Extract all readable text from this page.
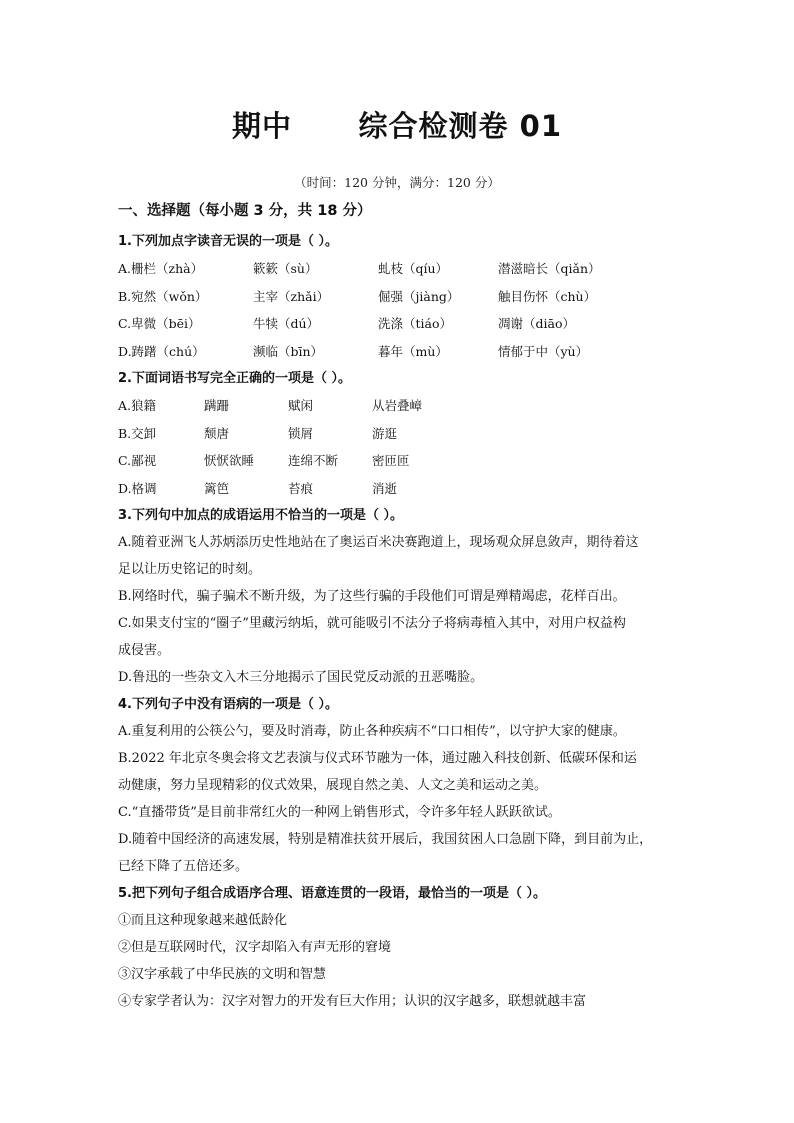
期中      综合检测卷 01
（时间：120 分钟，满分：120 分）
一、选择题（每小题 3 分，共 18 分）
1.下列加点字读音无误的一项是（ ）。
A.栅栏（zhà）	簌簌（sù）	虬枝（qíu）	潜滋暗长（qiǎn）
B.宛然（wǒn）	主宰（zhǎi）	倔强（jiàng）	触目伤怀（chù）
C.卑微（bēi）	牛犊（dú）	洗涤（tiáo）	凋谢（diāo）
D.踌躇（chú）	濒临（bīn）	暮年（mù）	情郁于中（yù）
2.下面词语书写完全正确的一项是（ ）。
A.狼籍	蹒跚	赋闲	从岩叠嶂
B.交卸	颓唐	锁屑	游逛
C.鄙视	恹恹欲睡	连绵不断	密匝匝
D.格调	篱笆	苔痕	消逝
3.下列句中加点的成语运用不恰当的一项是（ ）。
A.随着亚洲飞人苏炳添历史性地站在了奥运百米决赛跑道上，现场观众屏息敛声，期待着这
足以让历史铭记的时刻。
B.网络时代，骗子骗术不断升级，为了这些行骗的手段他们可谓是殚精竭虑，花样百出。
C.如果支付宝的“圈子”里藏污纳垢，就可能吸引不法分子将病毒植入其中，对用户权益构
成侵害。
D.鲁迅的一些杂文入木三分地揭示了国民党反动派的丑恶嘴脸。
4.下列句子中没有语病的一项是（ ）。
A.重复利用的公筷公勺，要及时消毒，防止各种疾病不“口口相传”，以守护大家的健康。
B.2022 年北京冬奥会将文艺表演与仪式环节融为一体，通过融入科技创新、低碳环保和运
动健康，努力呈现精彩的仪式效果，展现自然之美、人文之美和运动之美。
C.“直播带货”是目前非常红火的一种网上销售形式，令许多年轻人跃跃欲试。
D.随着中国经济的高速发展，特别是精准扶贫开展后，我国贫困人口急剧下降，到目前为止，
已经下降了五倍还多。
5.把下列句子组合成语序合理、语意连贯的一段语，最恰当的一项是（ ）。
①而且这种现象越来越低龄化
②但是互联网时代，汉字却陷入有声无形的窘境
③汉字承载了中华民族的文明和智慧
④专家学者认为：汉字对智力的开发有巨大作用；认识的汉字越多，联想就越丰富
